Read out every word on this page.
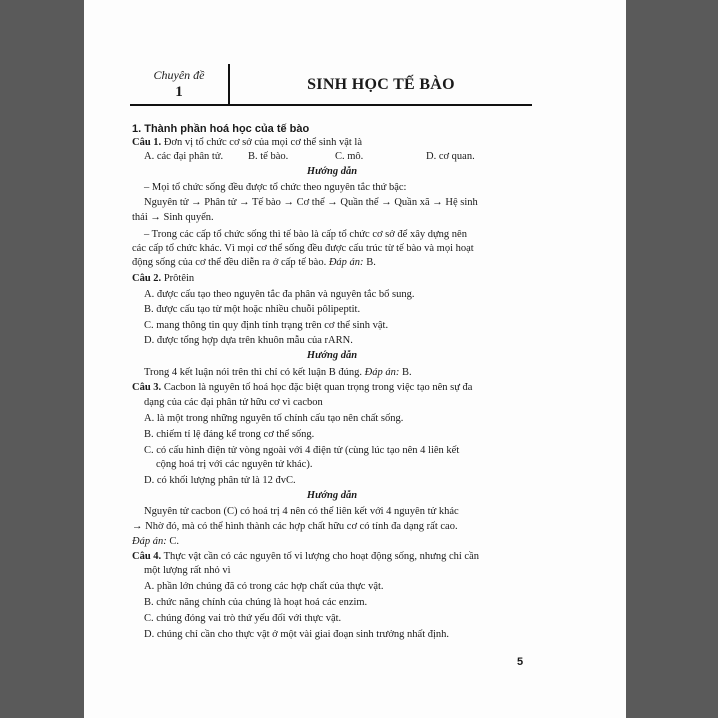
Chuyên đề
1	SINH HỌC TẾ BÀO
1. Thành phần hoá học của tế bào
Câu 1. Đơn vị tổ chức cơ sở của mọi cơ thể sinh vật là
A. các đại phân tử. B. tế bào.	C. mô.	D. cơ quan.
Hướng dẫn
– Mọi tổ chức sống đều được tổ chức theo nguyên tắc thứ bậc:
Nguyên tử → Phân tử → Tế bào → Cơ thể → Quần thể → Quần xã → Hệ sinh
thái → Sinh quyển.
– Trong các cấp tổ chức sống thì tế bào là cấp tổ chức cơ sở để xây dựng nên
các cấp tổ chức khác. Vì mọi cơ thể sống đều được cấu trúc từ tế bào và mọi hoạt
động sống của cơ thể đều diễn ra ở cấp tế bào. Đáp án: B.
Câu 2. Prôtêin
A. được cấu tạo theo nguyên tắc đa phân và nguyên tắc bổ sung.
B. được cấu tạo từ một hoặc nhiều chuỗi pôlipeptit.
C. mang thông tin quy định tính trạng trên cơ thể sinh vật.
D. được tổng hợp dựa trên khuôn mẫu của rARN.
Hướng dẫn
Trong 4 kết luận nói trên thì chỉ có kết luận B đúng. Đáp án: B.
Câu 3. Cacbon là nguyên tố hoá học đặc biệt quan trọng trong việc tạo nên sự đa
dạng của các đại phân tử hữu cơ vì cacbon
A. là một trong những nguyên tố chính cấu tạo nên chất sống.
B. chiếm tỉ lệ đáng kể trong cơ thể sống.
C. có cấu hình điện tử vòng ngoài với 4 điện tử (cùng lúc tạo nên 4 liên kết
cộng hoá trị với các nguyên tử khác).
D. có khối lượng phân tử là 12 đvC.
Hướng dẫn
Nguyên tử cacbon (C) có hoá trị 4 nên có thể liên kết với 4 nguyên tử khác
→ Nhờ đó, mà có thể hình thành các hợp chất hữu cơ có tính đa dạng rất cao.
Đáp án: C.
Câu 4. Thực vật cần có các nguyên tố vi lượng cho hoạt động sống, nhưng chỉ cần
một lượng rất nhỏ vì
A. phần lớn chúng đã có trong các hợp chất của thực vật.
B. chức năng chính của chúng là hoạt hoá các enzim.
C. chúng đóng vai trò thứ yếu đối với thực vật.
D. chúng chỉ cần cho thực vật ở một vài giai đoạn sinh trưởng nhất định.
5
